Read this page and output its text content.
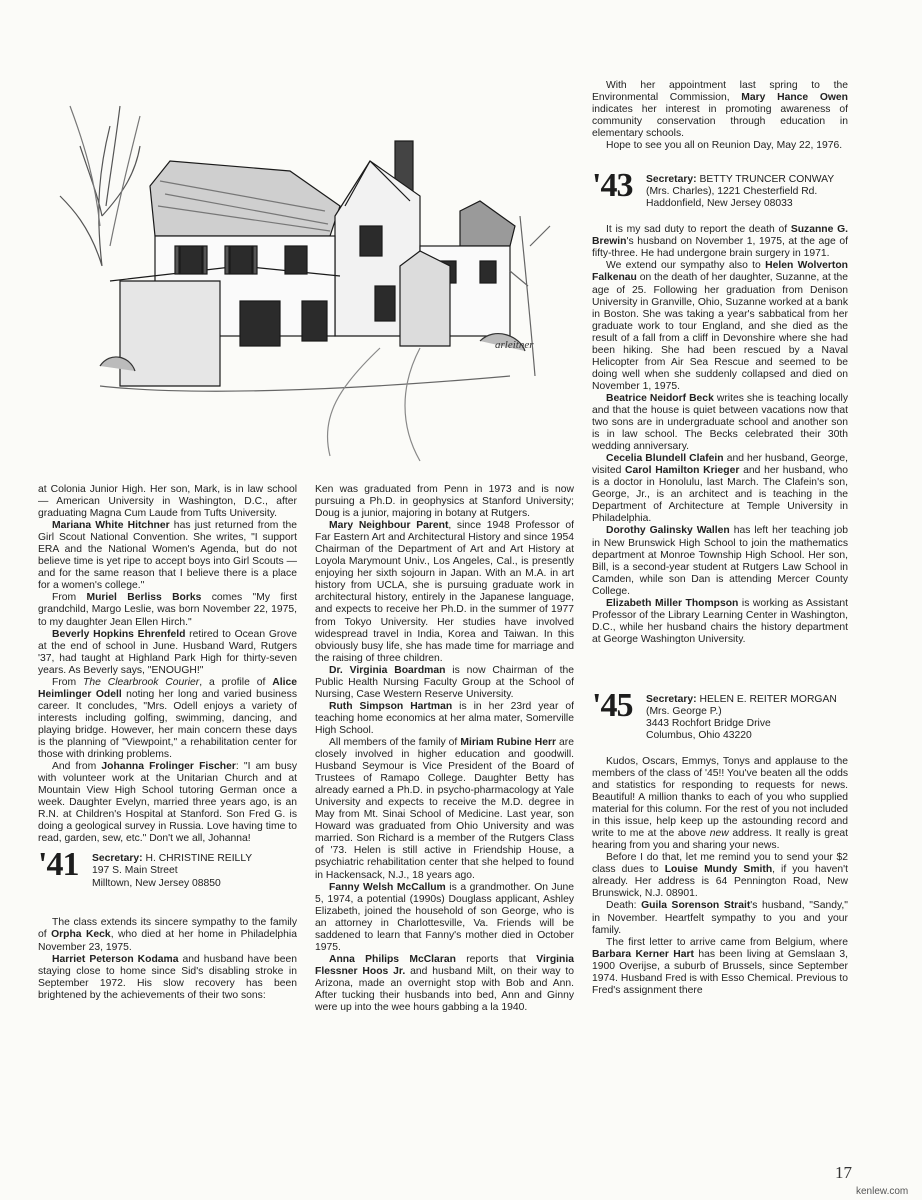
arleitner

at Colonia Junior High. Her son, Mark, is in law school — American University in Washington, D.C., after graduating Magna Cum Laude from Tufts University.

Mariana White Hitchner has just returned from the Girl Scout National Convention. She writes, "I support ERA and the National Women's Agenda, but do not believe time is yet ripe to accept boys into Girl Scouts — and for the same reason that I believe there is a place for a women's college."

From Muriel Berliss Borks comes "My first grandchild, Margo Leslie, was born November 22, 1975, to my daughter Jean Ellen Hirch."

Beverly Hopkins Ehrenfeld retired to Ocean Grove at the end of school in June. Husband Ward, Rutgers '37, had taught at Highland Park High for thirty-seven years. As Beverly says, "ENOUGH!"

From The Clearbrook Courier, a profile of Alice Heimlinger Odell noting her long and varied business career. It concludes, "Mrs. Odell enjoys a variety of interests including golfing, swimming, dancing, and playing bridge. However, her main concern these days is the planning of "Viewpoint," a rehabilitation center for those with drinking problems.

And from Johanna Frolinger Fischer: "I am busy with volunteer work at the Unitarian Church and at Mountain View High School tutoring German once a week. Daughter Evelyn, married three years ago, is an R.N. at Children's Hospital at Stanford. Son Fred G. is doing a geological survey in Russia. Love having time to read, garden, sew, etc." Don't we all, Johanna!

'41 Secretary: H. CHRISTINE REILLY
197 S. Main Street
Milltown, New Jersey 08850

The class extends its sincere sympathy to the family of Orpha Keck, who died at her home in Philadelphia November 23, 1975.

Harriet Peterson Kodama and husband have been staying close to home since Sid's disabling stroke in September 1972. His slow recovery has been brightened by the achievements of their two sons:

Ken was graduated from Penn in 1973 and is now pursuing a Ph.D. in geophysics at Stanford University; Doug is a junior, majoring in botany at Rutgers.

Mary Neighbour Parent, since 1948 Professor of Far Eastern Art and Architectural History and since 1954 Chairman of the Department of Art and Art History at Loyola Marymount Univ., Los Angeles, Cal., is presently enjoying her sixth sojourn in Japan. With an M.A. in art history from UCLA, she is pursuing graduate work in architectural history, entirely in the Japanese language, and expects to receive her Ph.D. in the summer of 1977 from Tokyo University. Her studies have involved widespread travel in India, Korea and Taiwan. In this obviously busy life, she has made time for marriage and the raising of three children.

Dr. Virginia Boardman is now Chairman of the Public Health Nursing Faculty Group at the School of Nursing, Case Western Reserve University.

Ruth Simpson Hartman is in her 23rd year of teaching home economics at her alma mater, Somerville High School.

All members of the family of Miriam Rubine Herr are closely involved in higher education and goodwill. Husband Seymour is Vice President of the Board of Trustees of Ramapo College. Daughter Betty has already earned a Ph.D. in psycho-pharmacology at Yale University and expects to receive the M.D. degree in May from Mt. Sinai School of Medicine. Last year, son Howard was graduated from Ohio University and was married. Son Richard is a member of the Rutgers Class of '73. Helen is still active in Friendship House, a psychiatric rehabilitation center that she helped to found in Hackensack, N.J., 18 years ago.

Fanny Welsh McCallum is a grandmother. On June 5, 1974, a potential (1990s) Douglass applicant, Ashley Elizabeth, joined the household of son George, who is an attorney in Charlottesville, Va. Friends will be saddened to learn that Fanny's mother died in October 1975.

Anna Philips McClaran reports that Virginia Flessner Hoos Jr. and husband Milt, on their way to Arizona, made an overnight stop with Bob and Ann. After tucking their husbands into bed, Ann and Ginny were up into the wee hours gabbing a la 1940.

With her appointment last spring to the Environmental Commission, Mary Hance Owen indicates her interest in promoting awareness of community conservation through education in elementary schools.

Hope to see you all on Reunion Day, May 22, 1976.

'43 Secretary: BETTY TRUNCER CONWAY
(Mrs. Charles), 1221 Chesterfield Rd.
Haddonfield, New Jersey 08033

It is my sad duty to report the death of Suzanne G. Brewin's husband on November 1, 1975, at the age of fifty-three. He had undergone brain surgery in 1971.

We extend our sympathy also to Helen Wolverton Falkenau on the death of her daughter, Suzanne, at the age of 25. Following her graduation from Denison University in Granville, Ohio, Suzanne worked at a bank in Boston. She was taking a year's sabbatical from her graduate work to tour England, and she died as the result of a fall from a cliff in Devonshire where she had been hiking. She had been rescued by a Naval Helicopter from Air Sea Rescue and seemed to be doing well when she suddenly collapsed and died on November 1, 1975.

Beatrice Neidorf Beck writes she is teaching locally and that the house is quiet between vacations now that two sons are in undergraduate school and another son is in law school. The Becks celebrated their 30th wedding anniversary.

Cecelia Blundell Clafein and her husband, George, visited Carol Hamilton Krieger and her husband, who is a doctor in Honolulu, last March. The Clafein's son, George, Jr., is an architect and is teaching in the Department of Architecture at Temple University in Philadelphia.

Dorothy Galinsky Wallen has left her teaching job in New Brunswick High School to join the mathematics department at Monroe Township High School. Her son, Bill, is a second-year student at Rutgers Law School in Camden, while son Dan is attending Mercer County College.

Elizabeth Miller Thompson is working as Assistant Professor of the Library Learning Center in Washington, D.C., while her husband chairs the history department at George Washington University.

'45 Secretary: HELEN E. REITER MORGAN
(Mrs. George P.)
3443 Rochfort Bridge Drive
Columbus, Ohio 43220

Kudos, Oscars, Emmys, Tonys and applause to the members of the class of '45!! You've beaten all the odds and statistics for responding to requests for news. Beautiful! A million thanks to each of you who supplied material for this column. For the rest of you not included in this issue, help keep up the astounding record and write to me at the above new address. It really is great hearing from you and sharing your news.

Before I do that, let me remind you to send your $2 class dues to Louise Mundy Smith, if you haven't already. Her address is 64 Pennington Road, New Brunswick, N.J. 08901.

Death: Guila Sorenson Strait's husband, "Sandy," in November. Heartfelt sympathy to you and your family.

The first letter to arrive came from Belgium, where Barbara Kerner Hart has been living at Gemslaan 3, 1900 Overijse, a suburb of Brussels, since September 1974. Husband Fred is with Esso Chemical. Previous to Fred's assignment there

17
kenlew.com
